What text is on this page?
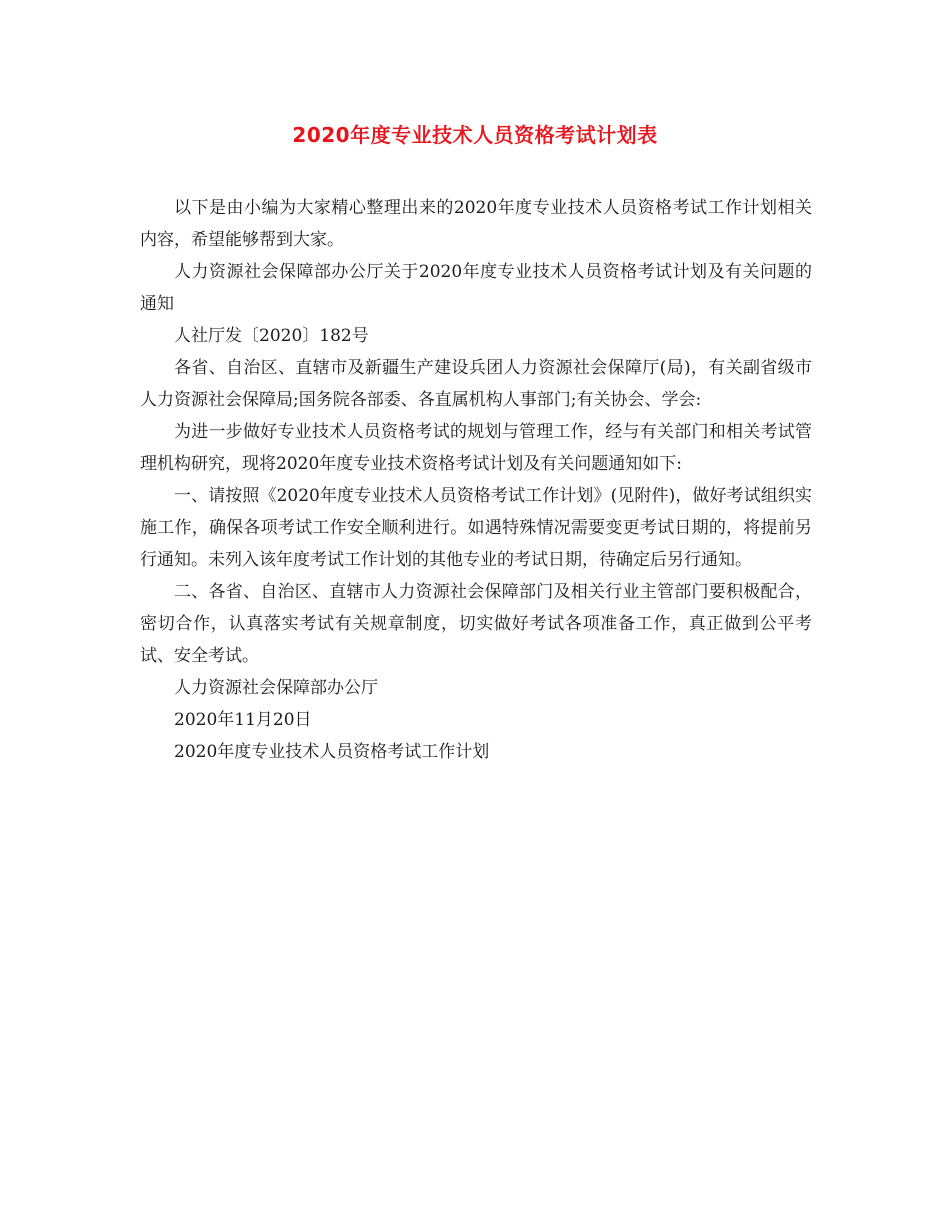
2020年度专业技术人员资格考试计划表

以下是由小编为大家精心整理出来的2020年度专业技术人员资格考试工作计划相关内容，希望能够帮到大家。

人力资源社会保障部办公厅关于2020年度专业技术人员资格考试计划及有关问题的通知

人社厅发〔2020〕182号

各省、自治区、直辖市及新疆生产建设兵团人力资源社会保障厅(局)，有关副省级市人力资源社会保障局;国务院各部委、各直属机构人事部门;有关协会、学会:

为进一步做好专业技术人员资格考试的规划与管理工作，经与有关部门和相关考试管理机构研究，现将2020年度专业技术资格考试计划及有关问题通知如下:

一、请按照《2020年度专业技术人员资格考试工作计划》(见附件)，做好考试组织实施工作，确保各项考试工作安全顺利进行。如遇特殊情况需要变更考试日期的，将提前另行通知。未列入该年度考试工作计划的其他专业的考试日期，待确定后另行通知。

二、各省、自治区、直辖市人力资源社会保障部门及相关行业主管部门要积极配合，密切合作，认真落实考试有关规章制度，切实做好考试各项准备工作，真正做到公平考试、安全考试。

人力资源社会保障部办公厅

2020年11月20日

2020年度专业技术人员资格考试工作计划
